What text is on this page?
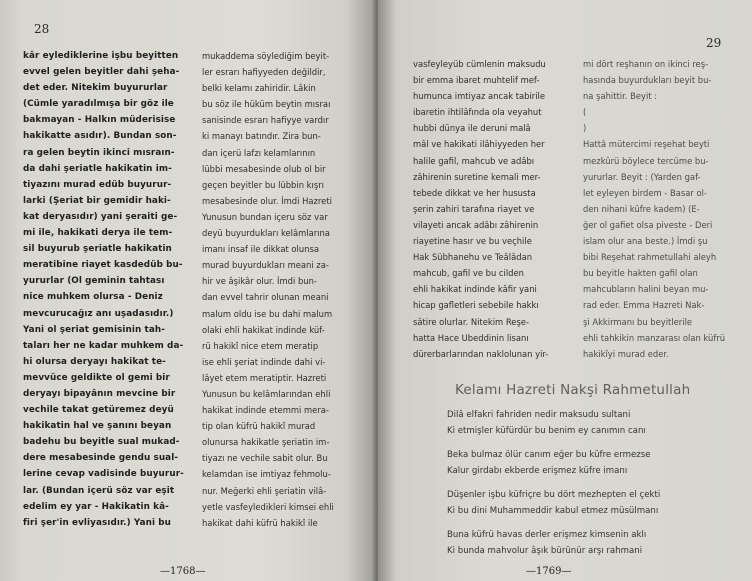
28
kâr eylediklerine işbu beyitten
evvel gelen beyitler dahi şeha-
det eder. Nitekim buyururlar
(Cümle yaradılmışa bir göz ile
bakmayan - Halkın müderisise
hakikatte asıdır). Bundan son-
ra gelen beytin ikinci mısraın-
da dahi şeriatle hakikatin im-
tiyazını murad edüb buyurur-
larki (Şeriat bir gemidir haki-
kat deryasıdır) yani şeraiti ge-
mi ile, hakikati derya ile tem-
sil buyurub şeriatle hakikatin
meratibine riayet kasdedüb bu-
yururlar (Ol geminin tahtası
nice muhkem olursa - Deniz
mevcurucağız anı uşadasıdır.)
Yani ol şeriat gemisinin tah-
taları her ne kadar muhkem da-
hi olursa deryayı hakikat te-
mevvüce geldikte ol gemi bir
deryayı bipayânın mevcine bir
vechile takat getüremez deyü
hakikatin hal ve şanını beyan
badehu bu beyitle sual mukad-
dere mesabesinde gendu sual-
lerine cevap vadisinde buyurur-
lar. (Bundan içerü söz var eşit
edelim ey yar - Hakikatin kâ-
firi şer'in evliyasıdır.) Yani bu
mukaddema söylediğim beyit-
ler esrarı hafiyyeden değildir,
belki kelamı zahiridir. Lâkin
bu söz ile hüküm beytin mısraı
sanisinde esrarı hafiyye vardır
ki manayı batındır. Zira bun-
dan içerü lafzı kelamlarının
lübbi mesabesinde olub ol bir
geçen beyitler bu lübbin kışrı
mesabesinde olur. İmdi Hazreti
Yunusun bundan içeru söz var
deyü buyurdukları kelâmlarına
imanı insaf ile dikkat olunsa
murad buyurdukları meani za-
hir ve âşikâr olur. İmdi bun-
dan evvel tahrir olunan meani
malum oldu ise bu dahi malum
olaki ehli hakikat indinde küf-
rü hakikî nice etem meratip
ise ehli şeriat indinde dahi vi-
lâyet etem meratiptir. Hazreti
Yunusun bu kelâmlarından ehli
hakikat indinde etemmi mera-
tip olan küfrü hakikî murad
olunursa hakikatle şeriatin im-
tiyazı ne vechile sabit olur. Bu
kelamdan ise imtiyaz fehmolu-
nur. Meğerki ehli şeriatin vilâ-
yetle vasfeyledikleri kimsei ehli
hakikat dahi küfrü hakikî ile
—1768—
29
vasfeyleyüb cümlenin maksudu
bir emma ibaret muhtelif mef-
humunca imtiyaz ancak tabirile
ibaretin ihtilâfında ola veyahut
hubbi dünya ile deruni malâ
mâl ve hakikati ilâhiyyeden her
halile gafil, mahcub ve adâbı
zâhirenin suretine kemali mer-
tebede dikkat ve her hususta
şerin zahiri tarafına riayet ve
vilayeti ancak adâbı zâhirenin
riayetine hasır ve bu veçhile
Hak Sübhanehu ve Teâlâdan
mahcub, gafil ve bu cilden
ehli hakikat indinde kâfir yani
hicap gafletleri sebebile hakkı
sâtire olurlar. Nitekim Reşe-
hatta Hace Ubeddinin lisanı
dürerbarlarından naklolunan yir-
mi dört reşhanın on ikinci reş-
hasında buyurdukları beyit bu-
na şahittir. Beyit :
(
)
Hattâ mütercimi reşehat beyti
mezkûrü böylece tercüme bu-
yururlar. Beyit : (Yarden gaf-
let eyleyen birdem - Basar ol-
den nihani küfre kadem) (E-
ğer ol gafiet olsa piveste - Deri
islam olur ana beste.) İmdi şu
bibi Reşehat rahmetullahi aleyh
bu beyitle hakten gafil olan
mahcubların halini beyan mu-
rad eder. Emma Hazreti Nak-
şi Akkirmanı bu beyitlerile
ehli tahkikin manzarası olan küfrü
hakikîyi murad eder.
Kelamı Hazreti Nakşi Rahmetullah
Dilâ elfakri fahriden nedir maksudu sultani
Ki etmişler küfürdür bu benim ey canımın canı
Beka bulmaz ölür canım eğer bu küfre ermezse
Kalur girdabı ekberde erişmez küfre imanı
Düşenler işbu küfriçre bu dört mezhepten el çekti
Ki bu dini Muhammeddir kabul etmez müsülmanı
Buna küfrü havas derler erişmez kimsenin aklı
Ki bunda mahvolur âşık bürünür arşı rahmani
—1769—
